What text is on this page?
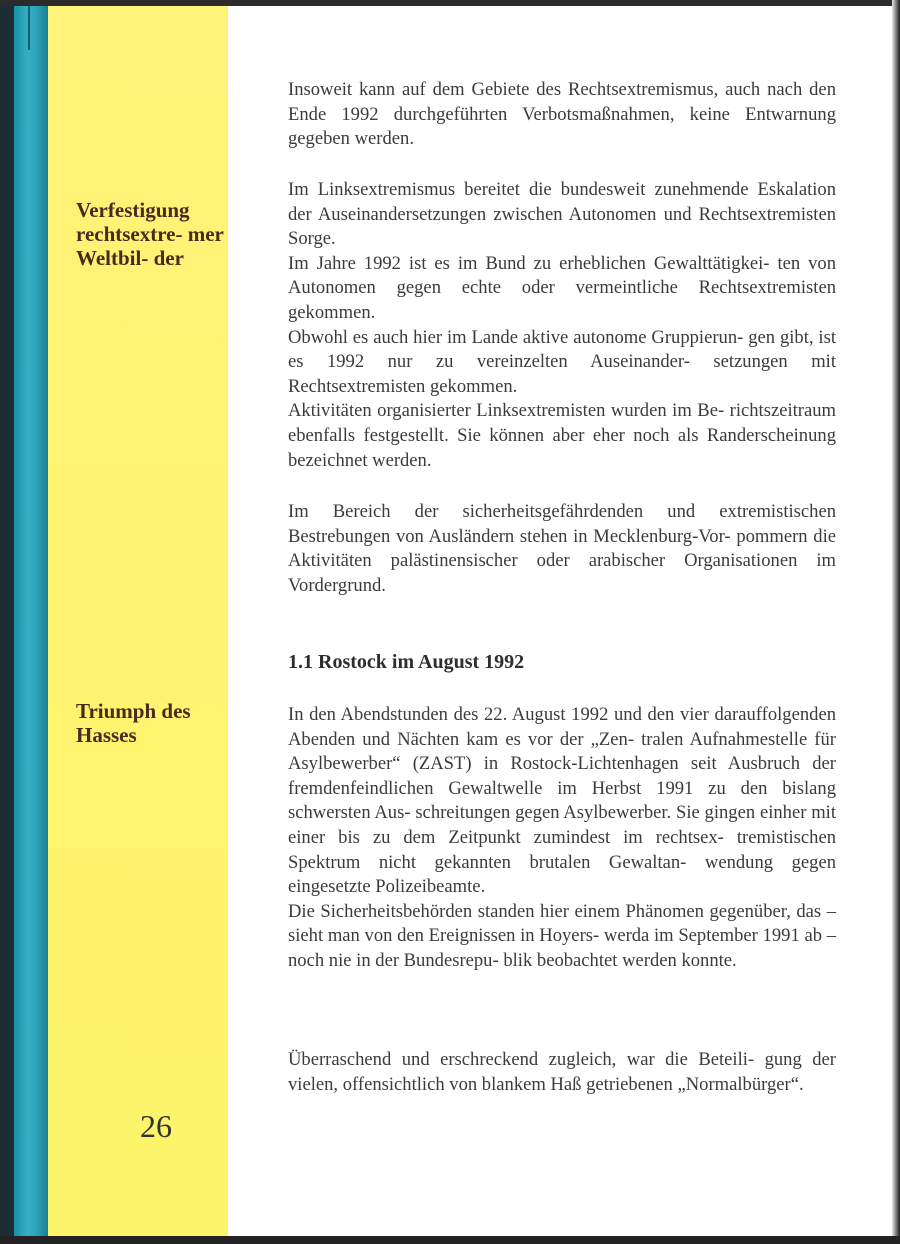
Verfestigung rechtsextre- mer Weltbil- der
Triumph des Hasses
26

Insoweit kann auf dem Gebiete des Rechtsextremismus, auch nach den Ende 1992 durchgeführten Verbotsmaßnahmen, keine Entwarnung gegeben werden.

Im Linksextremismus bereitet die bundesweit zunehmende Eskalation der Auseinandersetzungen zwischen Autonomen und Rechtsextremisten Sorge.

Im Jahre 1992 ist es im Bund zu erheblichen Gewalttätigkei- ten von Autonomen gegen echte oder vermeintliche Rechtsextremisten gekommen.

Obwohl es auch hier im Lande aktive autonome Gruppierun- gen gibt, ist es 1992 nur zu vereinzelten Auseinander- setzungen mit Rechtsextremisten gekommen.

Aktivitäten organisierter Linksextremisten wurden im Be- richtszeitraum ebenfalls festgestellt. Sie können aber eher noch als Randerscheinung bezeichnet werden.

Im Bereich der sicherheitsgefährdenden und extremistischen Bestrebungen von Ausländern stehen in Mecklenburg-Vor- pommern die Aktivitäten palästinensischer oder arabischer Organisationen im Vordergrund.

1.1 Rostock im August 1992

In den Abendstunden des 22. August 1992 und den vier darauffolgenden Abenden und Nächten kam es vor der „Zen- tralen Aufnahmestelle für Asylbewerber“ (ZAST) in Rostock-Lichtenhagen seit Ausbruch der fremdenfeindlichen Gewaltwelle im Herbst 1991 zu den bislang schwersten Aus- schreitungen gegen Asylbewerber. Sie gingen einher mit einer bis zu dem Zeitpunkt zumindest im rechtsex- tremistischen Spektrum nicht gekannten brutalen Gewaltan- wendung gegen eingesetzte Polizeibeamte.

Die Sicherheitsbehörden standen hier einem Phänomen gegenüber, das – sieht man von den Ereignissen in Hoyers- werda im September 1991 ab – noch nie in der Bundesrepu- blik beobachtet werden konnte.

Überraschend und erschreckend zugleich, war die Beteili- gung der vielen, offensichtlich von blankem Haß getriebenen „Normalbürger“.
